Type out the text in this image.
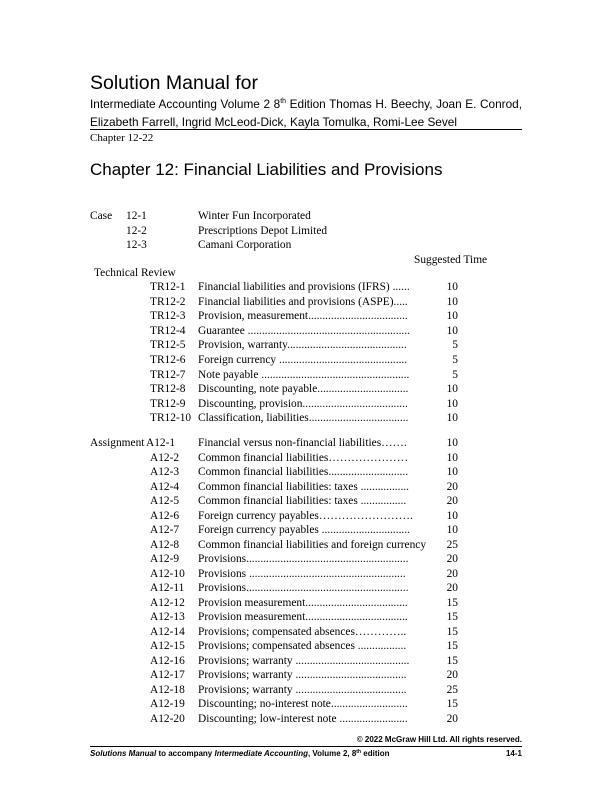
Solution Manual for
Intermediate Accounting Volume 2 8th Edition Thomas H. Beechy, Joan E. Conrod, Elizabeth Farrell, Ingrid McLeod-Dick, Kayla Tomulka, Romi-Lee Sevel
Chapter 12-22
Chapter 12: Financial Liabilities and Provisions
Case 12-1	Winter Fun Incorporated
12-2	Prescriptions Depot Limited
12-3	Camani Corporation
Suggested Time
Technical Review
TR12-1 Financial liabilities and provisions (IFRS) ......	10
TR12-2 Financial liabilities and provisions (ASPE).....	10
TR12-3 Provision, measurement...................................	10
TR12-4 Guarantee .........................................................	10
TR12-5 Provision, warranty..........................................	5
TR12-6 Foreign currency .............................................	5
TR12-7 Note payable ....................................................	5
TR12-8 Discounting, note payable................................	10
TR12-9 Discounting, provision.....................................	10
TR12-10 Classification, liabilities...................................	10
Assignment A12-1 Financial versus non-financial liabilities…….	10
A12-2 Common financial liabilities…………………	10
A12-3 Common financial liabilities............................	10
A12-4 Common financial liabilities: taxes .................	20
A12-5 Common financial liabilities: taxes ................	20
A12-6 Foreign currency payables…………………….	10
A12-7 Foreign currency payables ...............................	10
A12-8 Common financial liabilities and foreign currency	25
A12-9 Provisions.........................................................	20
A12-10 Provisions .......................................................	20
A12-11 Provisions.........................................................	20
A12-12 Provision measurement....................................	15
A12-13 Provision measurement....................................	15
A12-14 Provisions; compensated absences…………..	15
A12-15 Provisions; compensated absences .................	15
A12-16 Provisions; warranty ........................................	15
A12-17 Provisions; warranty .......................................	20
A12-18 Provisions; warranty .......................................	25
A12-19 Discounting; no-interest note...........................	15
A12-20 Discounting; low-interest note ........................	20
© 2022 McGraw Hill Ltd. All rights reserved.
Solutions Manual to accompany Intermediate Accounting, Volume 2, 8th edition	14-1
